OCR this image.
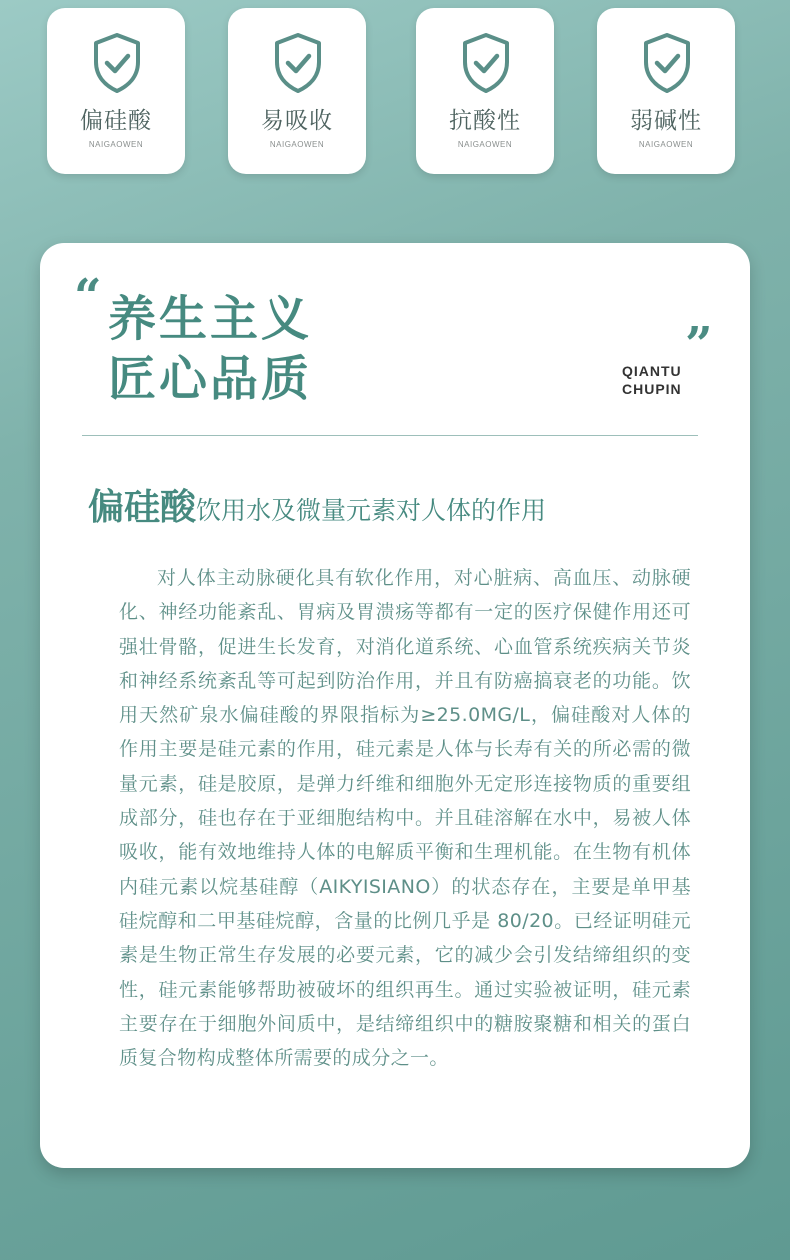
偏硅酸
NAIGAOWEN
易吸收
NAIGAOWEN
抗酸性
NAIGAOWEN
弱碱性
NAIGAOWEN
“ 养生主义
匠心品质
”
QIANTU
CHUPIN
偏硅酸饮用水及微量元素对人体的作用
对人体主动脉硬化具有软化作用，对心脏病、高血压、动脉硬化、神经功能紊乱、胃病及胃溃疡等都有一定的医疗保健作用还可强壮骨骼，促进生长发育，对消化道系统、心血管系统疾病关节炎和神经系统紊乱等可起到防治作用，并且有防癌搞衰老的功能。饮用天然矿泉水偏硅酸的界限指标为≥25.0MG/L，偏硅酸对人体的作用主要是硅元素的作用，硅元素是人体与长寿有关的所必需的微量元素，硅是胶原，是弹力纤维和细胞外无定形连接物质的重要组成部分，硅也存在于亚细胞结构中。并且硅溶解在水中，易被人体吸收，能有效地维持人体的电解质平衡和生理机能。在生物有机体内硅元素以烷基硅醇（AIKYISIANO）的状态存在，主要是单甲基硅烷醇和二甲基硅烷醇，含量的比例几乎是 80/20。已经证明硅元素是生物正常生存发展的必要元素，它的减少会引发结缔组织的变性，硅元素能够帮助被破坏的组织再生。通过实验被证明，硅元素主要存在于细胞外间质中，是结缔组织中的糖胺聚糖和相关的蛋白质复合物构成整体所需要的成分之一。
